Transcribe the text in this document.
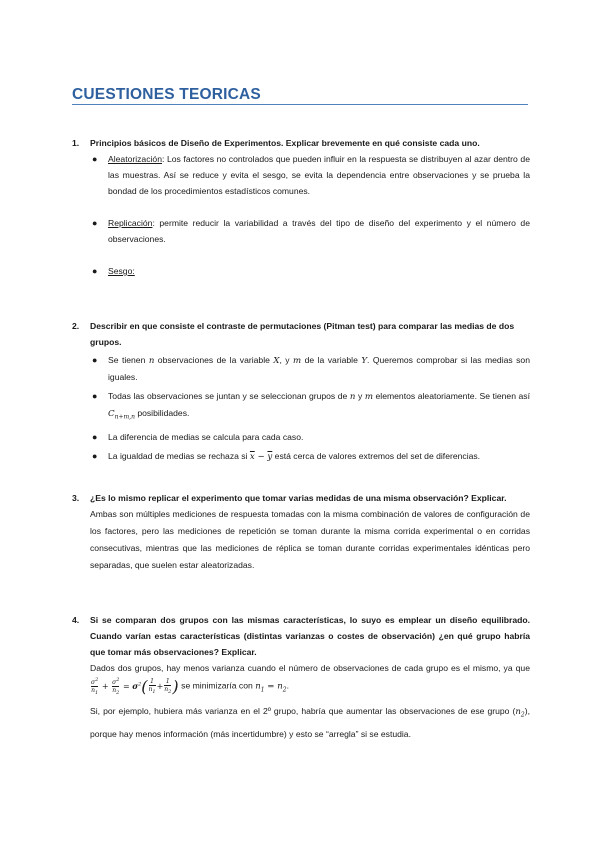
CUESTIONES TEORICAS
1. Principios básicos de Diseño de Experimentos. Explicar brevemente en qué consiste cada uno.
● Aleatorización: Los factores no controlados que pueden influir en la respuesta se distribuyen al azar dentro de las muestras. Así se reduce y evita el sesgo, se evita la dependencia entre observaciones y se prueba la bondad de los procedimientos estadísticos comunes.
● Replicación: permite reducir la variabilidad a través del tipo de diseño del experimento y el número de observaciones.
● Sesgo:
2. Describir en que consiste el contraste de permutaciones (Pitman test) para comparar las medias de dos grupos.
● Se tienen n observaciones de la variable X, y m de la variable Y. Queremos comprobar si las medias son iguales.
● Todas las observaciones se juntan y se seleccionan grupos de n y m elementos aleatoriamente. Se tienen así $C_{n+m,n}$ posibilidades.
● La diferencia de medias se calcula para cada caso.
● La igualdad de medias se rechaza si $\overline{x} - \overline{y}$ está cerca de valores extremos del set de diferencias.
3. ¿Es lo mismo replicar el experimento que tomar varias medidas de una misma observación? Explicar.
Ambas son múltiples mediciones de respuesta tomadas con la misma combinación de valores de configuración de los factores, pero las mediciones de repetición se toman durante la misma corrida experimental o en corridas consecutivas, mientras que las mediciones de réplica se toman durante corridas experimentales idénticas pero separadas, que suelen estar aleatorizadas.
4. Si se comparan dos grupos con las mismas características, lo suyo es emplear un diseño equilibrado. Cuando varían estas características (distintas varianzas o costes de observación) ¿en qué grupo habría que tomar más observaciones? Explicar.
Dados dos grupos, hay menos varianza cuando el número de observaciones de cada grupo es el mismo, ya que
$\frac{\sigma^2}{n_1} + \frac{\sigma^2}{n_2} = \sigma^2( \frac{1}{n_1} + \frac{1}{n_2}$ ) se minimizaría con $n_1 = n_2$.
Si, por ejemplo, hubiera más varianza en el 2º grupo, habría que aumentar las observaciones de ese grupo $(n_2)$, porque hay menos información (más incertidumbre) y esto se “arregla” si se estudia.
